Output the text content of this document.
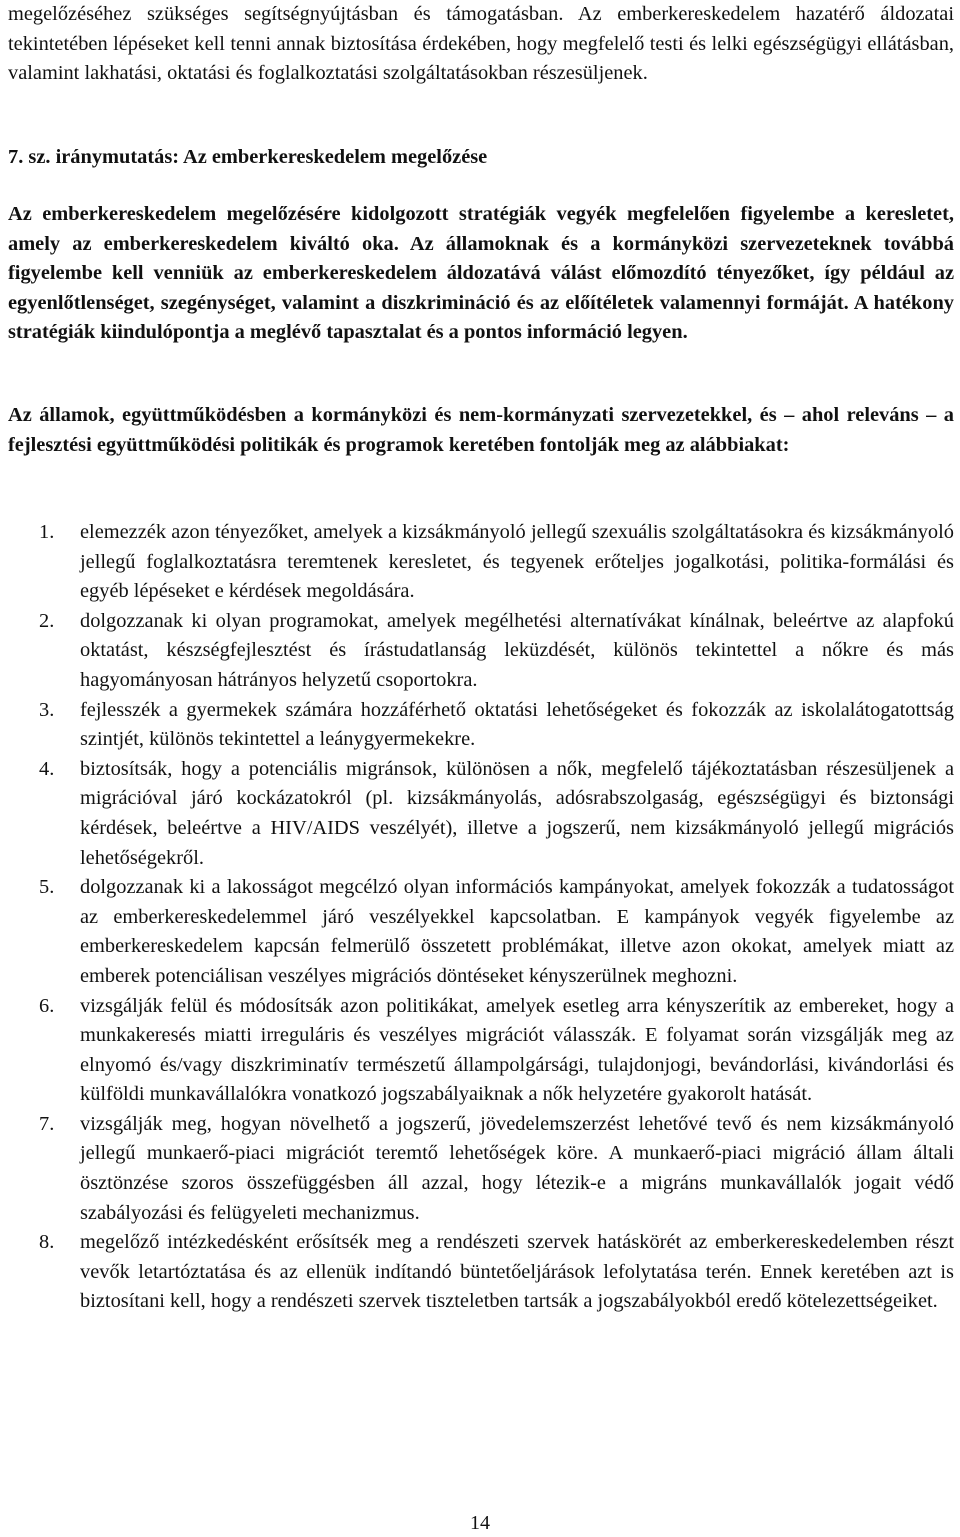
megelőzéséhez szükséges segítségnyújtásban és támogatásban. Az emberkereskedelem hazatérő áldozatai tekintetében lépéseket kell tenni annak biztosítása érdekében, hogy megfelelő testi és lelki egészségügyi ellátásban, valamint lakhatási, oktatási és foglalkoztatási szolgáltatásokban részesüljenek.

7. sz. iránymutatás: Az emberkereskedelem megelőzése

Az emberkereskedelem megelőzésére kidolgozott stratégiák vegyék megfelelően figyelembe a keresletet, amely az emberkereskedelem kiváltó oka. Az államoknak és a kormányközi szervezeteknek továbbá figyelembe kell venniük az emberkereskedelem áldozatává válást előmozdító tényezőket, így például az egyenlőtlenséget, szegénységet, valamint a diszkrimináció és az előítéletek valamennyi formáját. A hatékony stratégiák kiindulópontja a meglévő tapasztalat és a pontos információ legyen.

Az államok, együttműködésben a kormányközi és nem-kormányzati szervezetekkel, és – ahol releváns – a fejlesztési együttműködési politikák és programok keretében fontolják meg az alábbiakat:

1.	elemezzék azon tényezőket, amelyek a kizsákmányoló jellegű szexuális szolgáltatásokra és kizsákmányoló jellegű foglalkoztatásra teremtenek keresletet, és tegyenek erőteljes jogalkotási, politika-formálási és egyéb lépéseket e kérdések megoldására.
2.	dolgozzanak ki olyan programokat, amelyek megélhetési alternatívákat kínálnak, beleértve az alapfokú oktatást, készségfejlesztést és írástudatlanság leküzdését, különös tekintettel a nőkre és más hagyományosan hátrányos helyzetű csoportokra.
3.	fejlesszék a gyermekek számára hozzáférhető oktatási lehetőségeket és fokozzák az iskolalátogatottság szintjét, különös tekintettel a leánygyermekekre.
4.	biztosítsák, hogy a potenciális migránsok, különösen a nők, megfelelő tájékoztatásban részesüljenek a migrációval járó kockázatokról (pl. kizsákmányolás, adósrabszolgaság, egészségügyi és biztonsági kérdések, beleértve a HIV/AIDS veszélyét), illetve a jogszerű, nem kizsákmányoló jellegű migrációs lehetőségekről.
5.	dolgozzanak ki a lakosságot megcélzó olyan információs kampányokat, amelyek fokozzák a tudatosságot az emberkereskedelemmel járó veszélyekkel kapcsolatban. E kampányok vegyék figyelembe az emberkereskedelem kapcsán felmerülő összetett problémákat, illetve azon okokat, amelyek miatt az emberek potenciálisan veszélyes migrációs döntéseket kényszerülnek meghozni.
6.	vizsgálják felül és módosítsák azon politikákat, amelyek esetleg arra kényszerítik az embereket, hogy a munkakeresés miatti irreguláris és veszélyes migrációt válasszák. E folyamat során vizsgálják meg az elnyomó és/vagy diszkriminatív természetű állampolgársági, tulajdonjogi, bevándorlási, kivándorlási és külföldi munkavállalókra vonatkozó jogszabályaiknak a nők helyzetére gyakorolt hatását.
7.	vizsgálják meg, hogyan növelhető a jogszerű, jövedelemszerzést lehetővé tevő és nem kizsákmányoló jellegű munkaerő-piaci migrációt teremtő lehetőségek köre. A munkaerő-piaci migráció állam általi ösztönzése szoros összefüggésben áll azzal, hogy létezik-e a migráns munkavállalók jogait védő szabályozási és felügyeleti mechanizmus.
8.	megelőző intézkedésként erősítsék meg a rendészeti szervek hatáskörét az emberkereskedelemben részt vevők letartóztatása és az ellenük indítandó büntetőeljárások lefolytatása terén. Ennek keretében azt is biztosítani kell, hogy a rendészeti szervek tiszteletben tartsák a jogszabályokból eredő kötelezettségeiket.
14
